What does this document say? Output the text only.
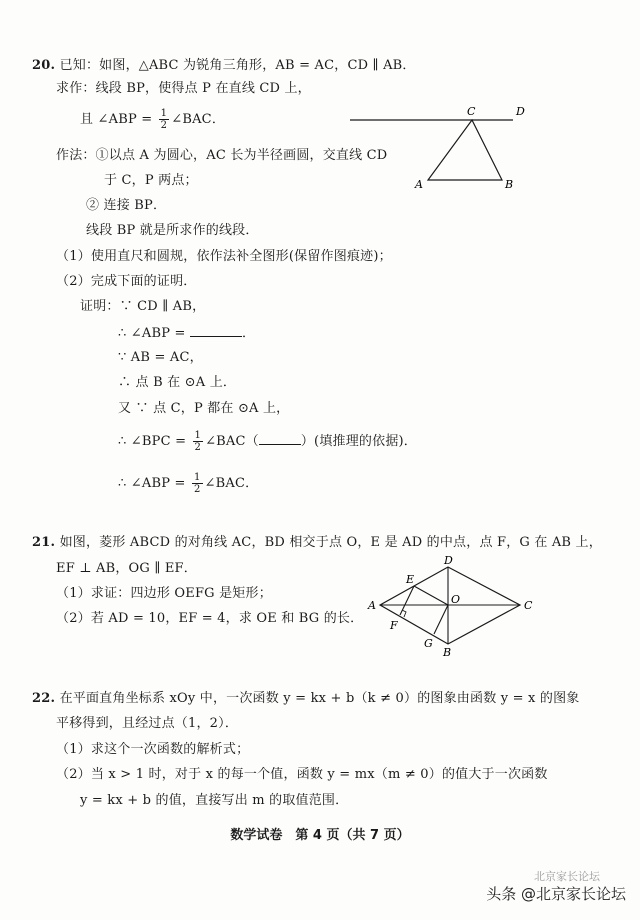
20. 已知：如图，△ABC 为锐角三角形，AB = AC，CD ∥ AB．
求作：线段 BP，使得点 P 在直线 CD 上，
且 ∠ABP = $\frac{1}{2}$ ∠BAC．
作法：①以点 A 为圆心，AC 长为半径画圆，交直线 CD
于 C，P 两点；
② 连接 BP．
线段 BP 就是所求作的线段．
（1）使用直尺和圆规，依作法补全图形(保留作图痕迹)；
（2）完成下面的证明．
证明：∵ CD ∥ AB，
∴ ∠ABP =	．
∵ AB = AC，
∴ 点 B 在 ⊙A 上．
又 ∵ 点 C，P 都在 ⊙A 上，
∴ ∠BPC = $\frac{1}{2}$ ∠BAC（	）(填推理的依据)．
∴ ∠ABP = $\frac{1}{2}$ ∠BAC．
C	D
A	B
21. 如图，菱形 ABCD 的对角线 AC，BD 相交于点 O，E 是 AD 的中点，点 F，G 在 AB 上，
EF ⊥ AB，OG ∥ EF．
（1）求证：四边形 OEFG 是矩形；
（2）若 AD = 10，EF = 4，求 OE 和 BG 的长．
A	C
D
B
E
F
G
O
22. 在平面直角坐标系 xOy 中，一次函数 y = kx + b（k ≠ 0）的图象由函数 y = x 的图象
平移得到，且经过点（1，2）．
（1）求这个一次函数的解析式；
（2）当 x > 1 时，对于 x 的每一个值，函数 y = mx（m ≠ 0）的值大于一次函数
y = kx + b 的值，直接写出 m 的取值范围．
数学试卷　第 4 页（共 7 页）
北京家长论坛
头条 @北京家长论坛
